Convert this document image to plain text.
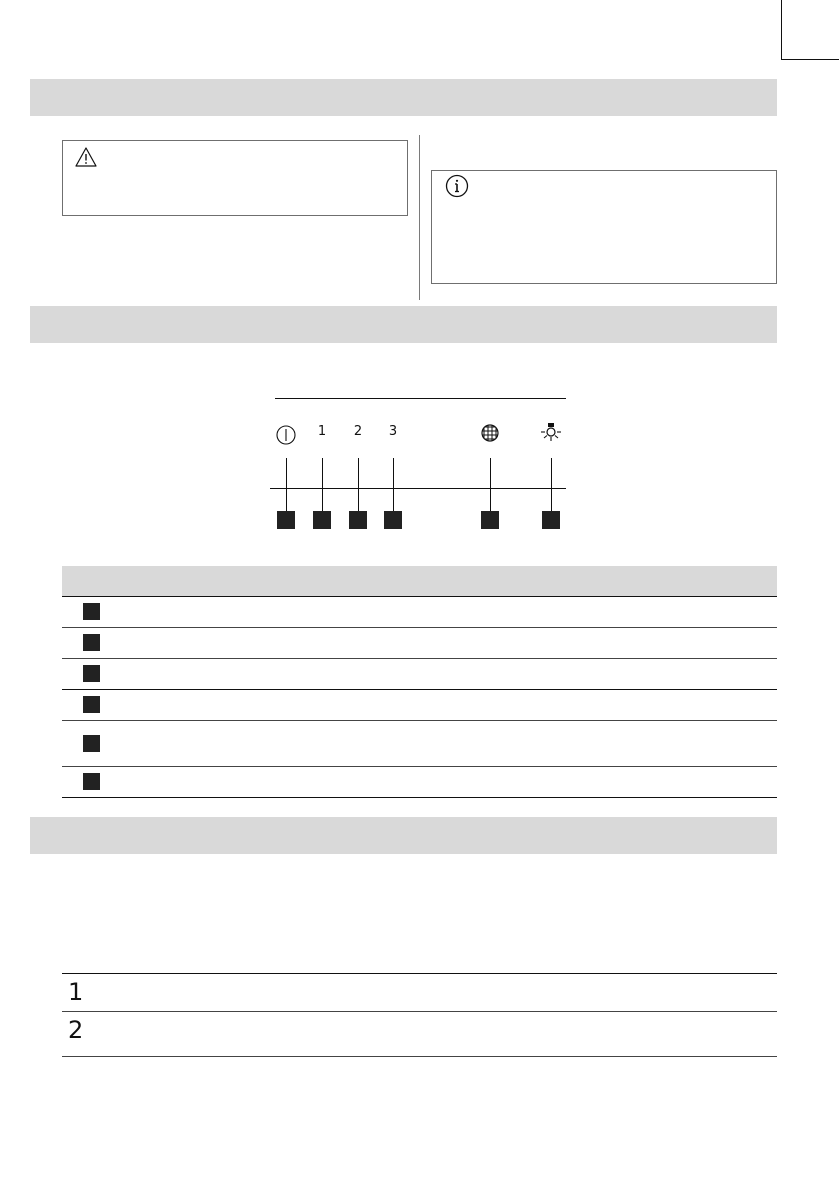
1 2 3
1
2
